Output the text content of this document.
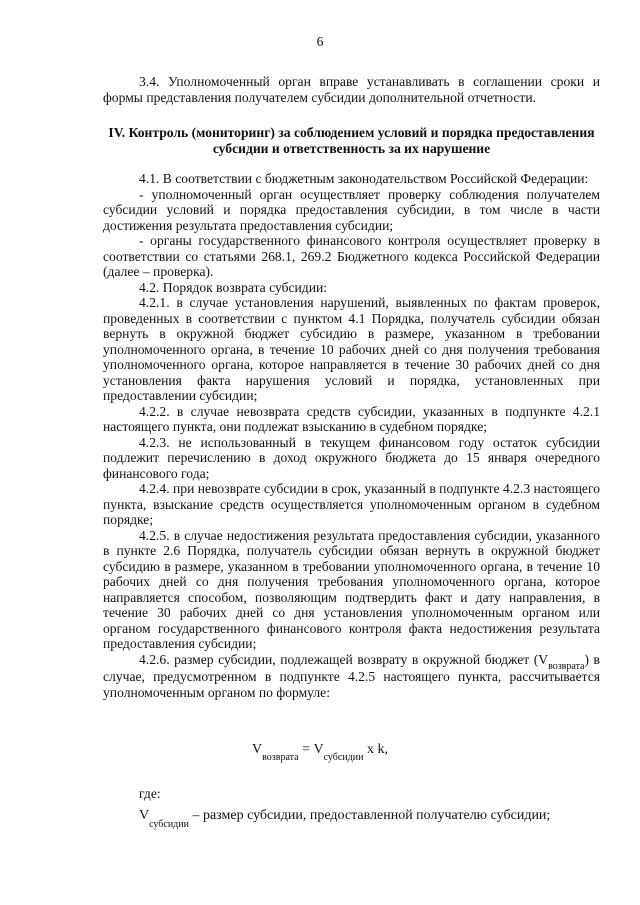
6

3.4. Уполномоченный орган вправе устанавливать в соглашении сроки и формы представления получателем субсидии дополнительной отчетности.

IV. Контроль (мониторинг) за соблюдением условий и порядка предоставления субсидии и ответственность за их нарушение

4.1. В соответствии с бюджетным законодательством Российской Федерации:

- уполномоченный орган осуществляет проверку соблюдения получателем субсидии условий и порядка предоставления субсидии, в том числе в части достижения результата предоставления субсидии;

- органы государственного финансового контроля осуществляет проверку в соответствии со статьями 268.1, 269.2 Бюджетного кодекса Российской Федерации (далее – проверка).

4.2. Порядок возврата субсидии:

4.2.1. в случае установления нарушений, выявленных по фактам проверок, проведенных в соответствии с пунктом 4.1 Порядка, получатель субсидии обязан вернуть в окружной бюджет субсидию в размере, указанном в требовании уполномоченного органа, в течение 10 рабочих дней со дня получения требования уполномоченного органа, которое направляется в течение 30 рабочих дней со дня установления факта нарушения условий и порядка, установленных при предоставлении субсидии;

4.2.2. в случае невозврата средств субсидии, указанных в подпункте 4.2.1 настоящего пункта, они подлежат взысканию в судебном порядке;

4.2.3. не использованный в текущем финансовом году остаток субсидии подлежит перечислению в доход окружного бюджета до 15 января очередного финансового года;

4.2.4. при невозврате субсидии в срок, указанный в подпункте 4.2.3 настоящего пункта, взыскание средств осуществляется уполномоченным органом в судебном порядке;

4.2.5. в случае недостижения результата предоставления субсидии, указанного в пункте 2.6 Порядка, получатель субсидии обязан вернуть в окружной бюджет субсидию в размере, указанном в требовании уполномоченного органа, в течение 10 рабочих дней со дня получения требования уполномоченного органа, которое направляется способом, позволяющим подтвердить факт и дату направления, в течение 30 рабочих дней со дня установления уполномоченным органом или органом государственного финансового контроля факта недостижения результата предоставления субсидии;

4.2.6. размер субсидии, подлежащей возврату в окружной бюджет $(V_{возврата})$ в случае, предусмотренном в подпункте 4.2.5 настоящего пункта, рассчитывается уполномоченным органом по формуле:

$V_{возврата} = V_{субсидии}$ x k,
где:
$V_{субсидии}$ – размер субсидии, предоставленной получателю субсидии;
